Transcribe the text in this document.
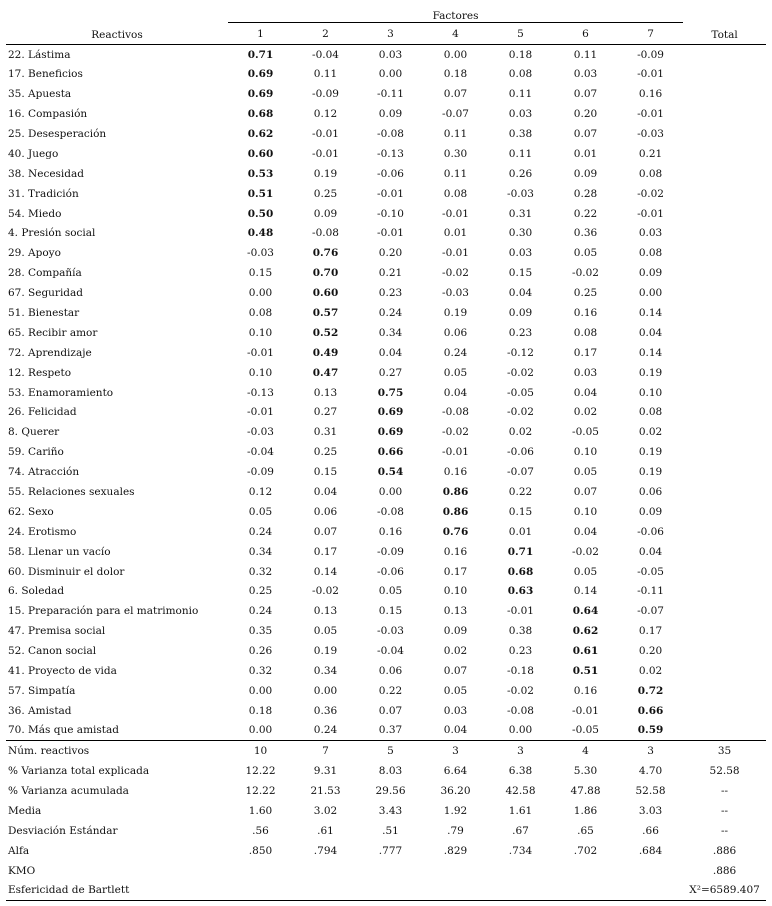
Reactivos	Factores							Total
	1	2	3	4	5	6	7	
22. Lástima	0.71	-0.04	0.03	0.00	0.18	0.11	-0.09	
17. Beneficios	0.69	0.11	0.00	0.18	0.08	0.03	-0.01	
35. Apuesta	0.69	-0.09	-0.11	0.07	0.11	0.07	0.16	
16. Compasión	0.68	0.12	0.09	-0.07	0.03	0.20	-0.01	
25. Desesperación	0.62	-0.01	-0.08	0.11	0.38	0.07	-0.03	
40. Juego	0.60	-0.01	-0.13	0.30	0.11	0.01	0.21	
38. Necesidad	0.53	0.19	-0.06	0.11	0.26	0.09	0.08	
31. Tradición	0.51	0.25	-0.01	0.08	-0.03	0.28	-0.02	
54. Miedo	0.50	0.09	-0.10	-0.01	0.31	0.22	-0.01	
4. Presión social	0.48	-0.08	-0.01	0.01	0.30	0.36	0.03	
29. Apoyo	-0.03	0.76	0.20	-0.01	0.03	0.05	0.08	
28. Compañía	0.15	0.70	0.21	-0.02	0.15	-0.02	0.09	
67. Seguridad	0.00	0.60	0.23	-0.03	0.04	0.25	0.00	
51. Bienestar	0.08	0.57	0.24	0.19	0.09	0.16	0.14	
65. Recibir amor	0.10	0.52	0.34	0.06	0.23	0.08	0.04	
72. Aprendizaje	-0.01	0.49	0.04	0.24	-0.12	0.17	0.14	
12. Respeto	0.10	0.47	0.27	0.05	-0.02	0.03	0.19	
53. Enamoramiento	-0.13	0.13	0.75	0.04	-0.05	0.04	0.10	
26. Felicidad	-0.01	0.27	0.69	-0.08	-0.02	0.02	0.08	
8. Querer	-0.03	0.31	0.69	-0.02	0.02	-0.05	0.02	
59. Cariño	-0.04	0.25	0.66	-0.01	-0.06	0.10	0.19	
74. Atracción	-0.09	0.15	0.54	0.16	-0.07	0.05	0.19	
55. Relaciones sexuales	0.12	0.04	0.00	0.86	0.22	0.07	0.06	
62. Sexo	0.05	0.06	-0.08	0.86	0.15	0.10	0.09	
24. Erotismo	0.24	0.07	0.16	0.76	0.01	0.04	-0.06	
58. Llenar un vacío	0.34	0.17	-0.09	0.16	0.71	-0.02	0.04	
60. Disminuir el dolor	0.32	0.14	-0.06	0.17	0.68	0.05	-0.05	
6. Soledad	0.25	-0.02	0.05	0.10	0.63	0.14	-0.11	
15. Preparación para el matrimonio	0.24	0.13	0.15	0.13	-0.01	0.64	-0.07	
47. Premisa social	0.35	0.05	-0.03	0.09	0.38	0.62	0.17	
52. Canon social	0.26	0.19	-0.04	0.02	0.23	0.61	0.20	
41. Proyecto de vida	0.32	0.34	0.06	0.07	-0.18	0.51	0.02	
57. Simpatía	0.00	0.00	0.22	0.05	-0.02	0.16	0.72	
36. Amistad	0.18	0.36	0.07	0.03	-0.08	-0.01	0.66	
70. Más que amistad	0.00	0.24	0.37	0.04	0.00	-0.05	0.59	
Núm. reactivos	10	7	5	3	3	4	3	35
% Varianza total explicada	12.22	9.31	8.03	6.64	6.38	5.30	4.70	52.58
% Varianza acumulada	12.22	21.53	29.56	36.20	42.58	47.88	52.58	--
Media	1.60	3.02	3.43	1.92	1.61	1.86	3.03	--
Desviación Estándar	.56	.61	.51	.79	.67	.65	.66	--
Alfa	.850	.794	.777	.829	.734	.702	.684	.886
KMO								.886
Esfericidad de Bartlett								X²=6589.407
